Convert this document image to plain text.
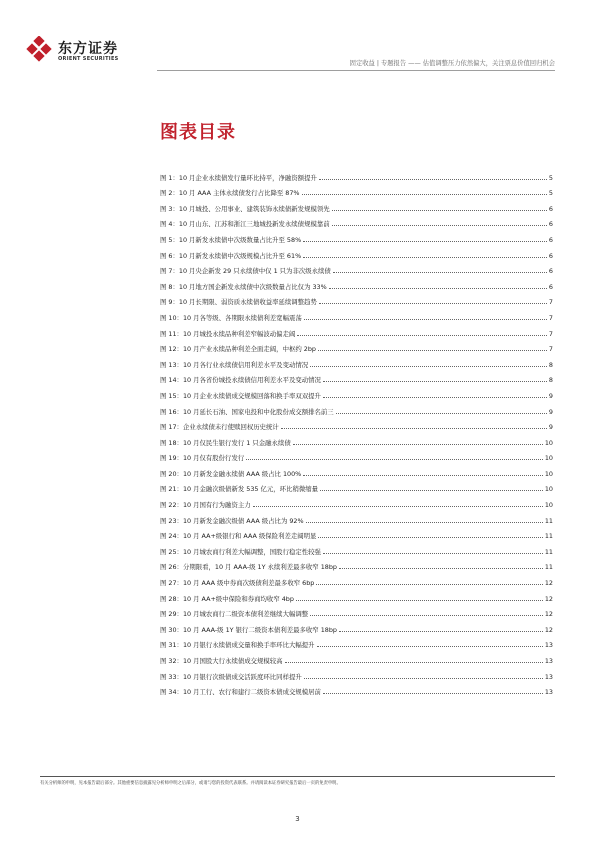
东方证券
ORIENT SECURITIES
固定收益 | 专题报告 —— 估值调整压力依然偏大，关注票息价值回归机会
图表目录
图 1：10 月企业永续债发行量环比持平，净融资额提升	5
图 2：10 月 AAA 主体永续债发行占比降至 87%	5
图 3：10 月城投、公用事业、建筑装饰永续债新发规模领先	6
图 4：10 月山东、江苏和浙江三地城投新发永续债规模靠前	6
图 5：10 月新发永续债中次级数量占比升至 58%	6
图 6：10 月新发永续债中次级规模占比升至 61%	6
图 7：10 月央企新发 29 只永续债中仅 1 只为非次级永续债	6
图 8：10 月地方国企新发永续债中次级数量占比仅为 33%	6
图 9：10 月长期限、弱资质永续债收益率延续调整趋势	7
图 10：10 月各等级、各期限永续债利差宽幅震荡	7
图 11：10 月城投永续品种利差窄幅波动偏走阔	7
图 12：10 月产业永续品种利差全面走阔，中枢约 2bp	7
图 13：10 月各行业永续债信用利差水平及变动情况	8
图 14：10 月各省份城投永续债信用利差水平及变动情况	8
图 15：10 月企业永续债成交规模回落和换手率双双提升	9
图 16：10 月延长石油、国家电投和中化股份成交额排名前三	9
图 17：企业永续债未行使赎回权历史统计	9
图 18：10 月仅民生银行发行 1 只金融永续债	10
图 19：10 月仅有股份行发行	10
图 20：10 月新发金融永续债 AAA 级占比 100%	10
图 21：10 月金融次级债新发 535 亿元，环比稍微缩量	10
图 22：10 月国有行为融资主力	10
图 23：10 月新发金融次级债 AAA 级占比为 92%	11
图 24：10 月 AA+级银行和 AAA 级保险利差走阔明显	11
图 25：10 月城农商行利差大幅调整，国股行稳定性较强	11
图 26：分期限看，10 月 AAA-级 1Y 永续利差最多收窄 18bp	11
图 27：10 月 AAA 级中券商次级债利差最多收窄 6bp	12
图 28：10 月 AA+级中保险和券商均收窄 4bp	12
图 29：10 月城农商行二级资本债利差继续大幅调整	12
图 30：10 月 AAA-级 1Y 银行二级资本债利差最多收窄 18bp	12
图 31：10 月银行永续债成交量和换手率环比大幅提升	13
图 32：10 月国股大行永续债成交规模较高	13
图 33：10 月银行次级债成交活跃度环比同样提升	13
图 34：10 月工行、农行和建行二级资本债成交规模居前	13
有关分析师的申明，见本报告最后部分。其他重要信息披露见分析师申明之后部分，或请与您的投资代表联系。并请阅读本证券研究报告最后一页的免责申明。
3
